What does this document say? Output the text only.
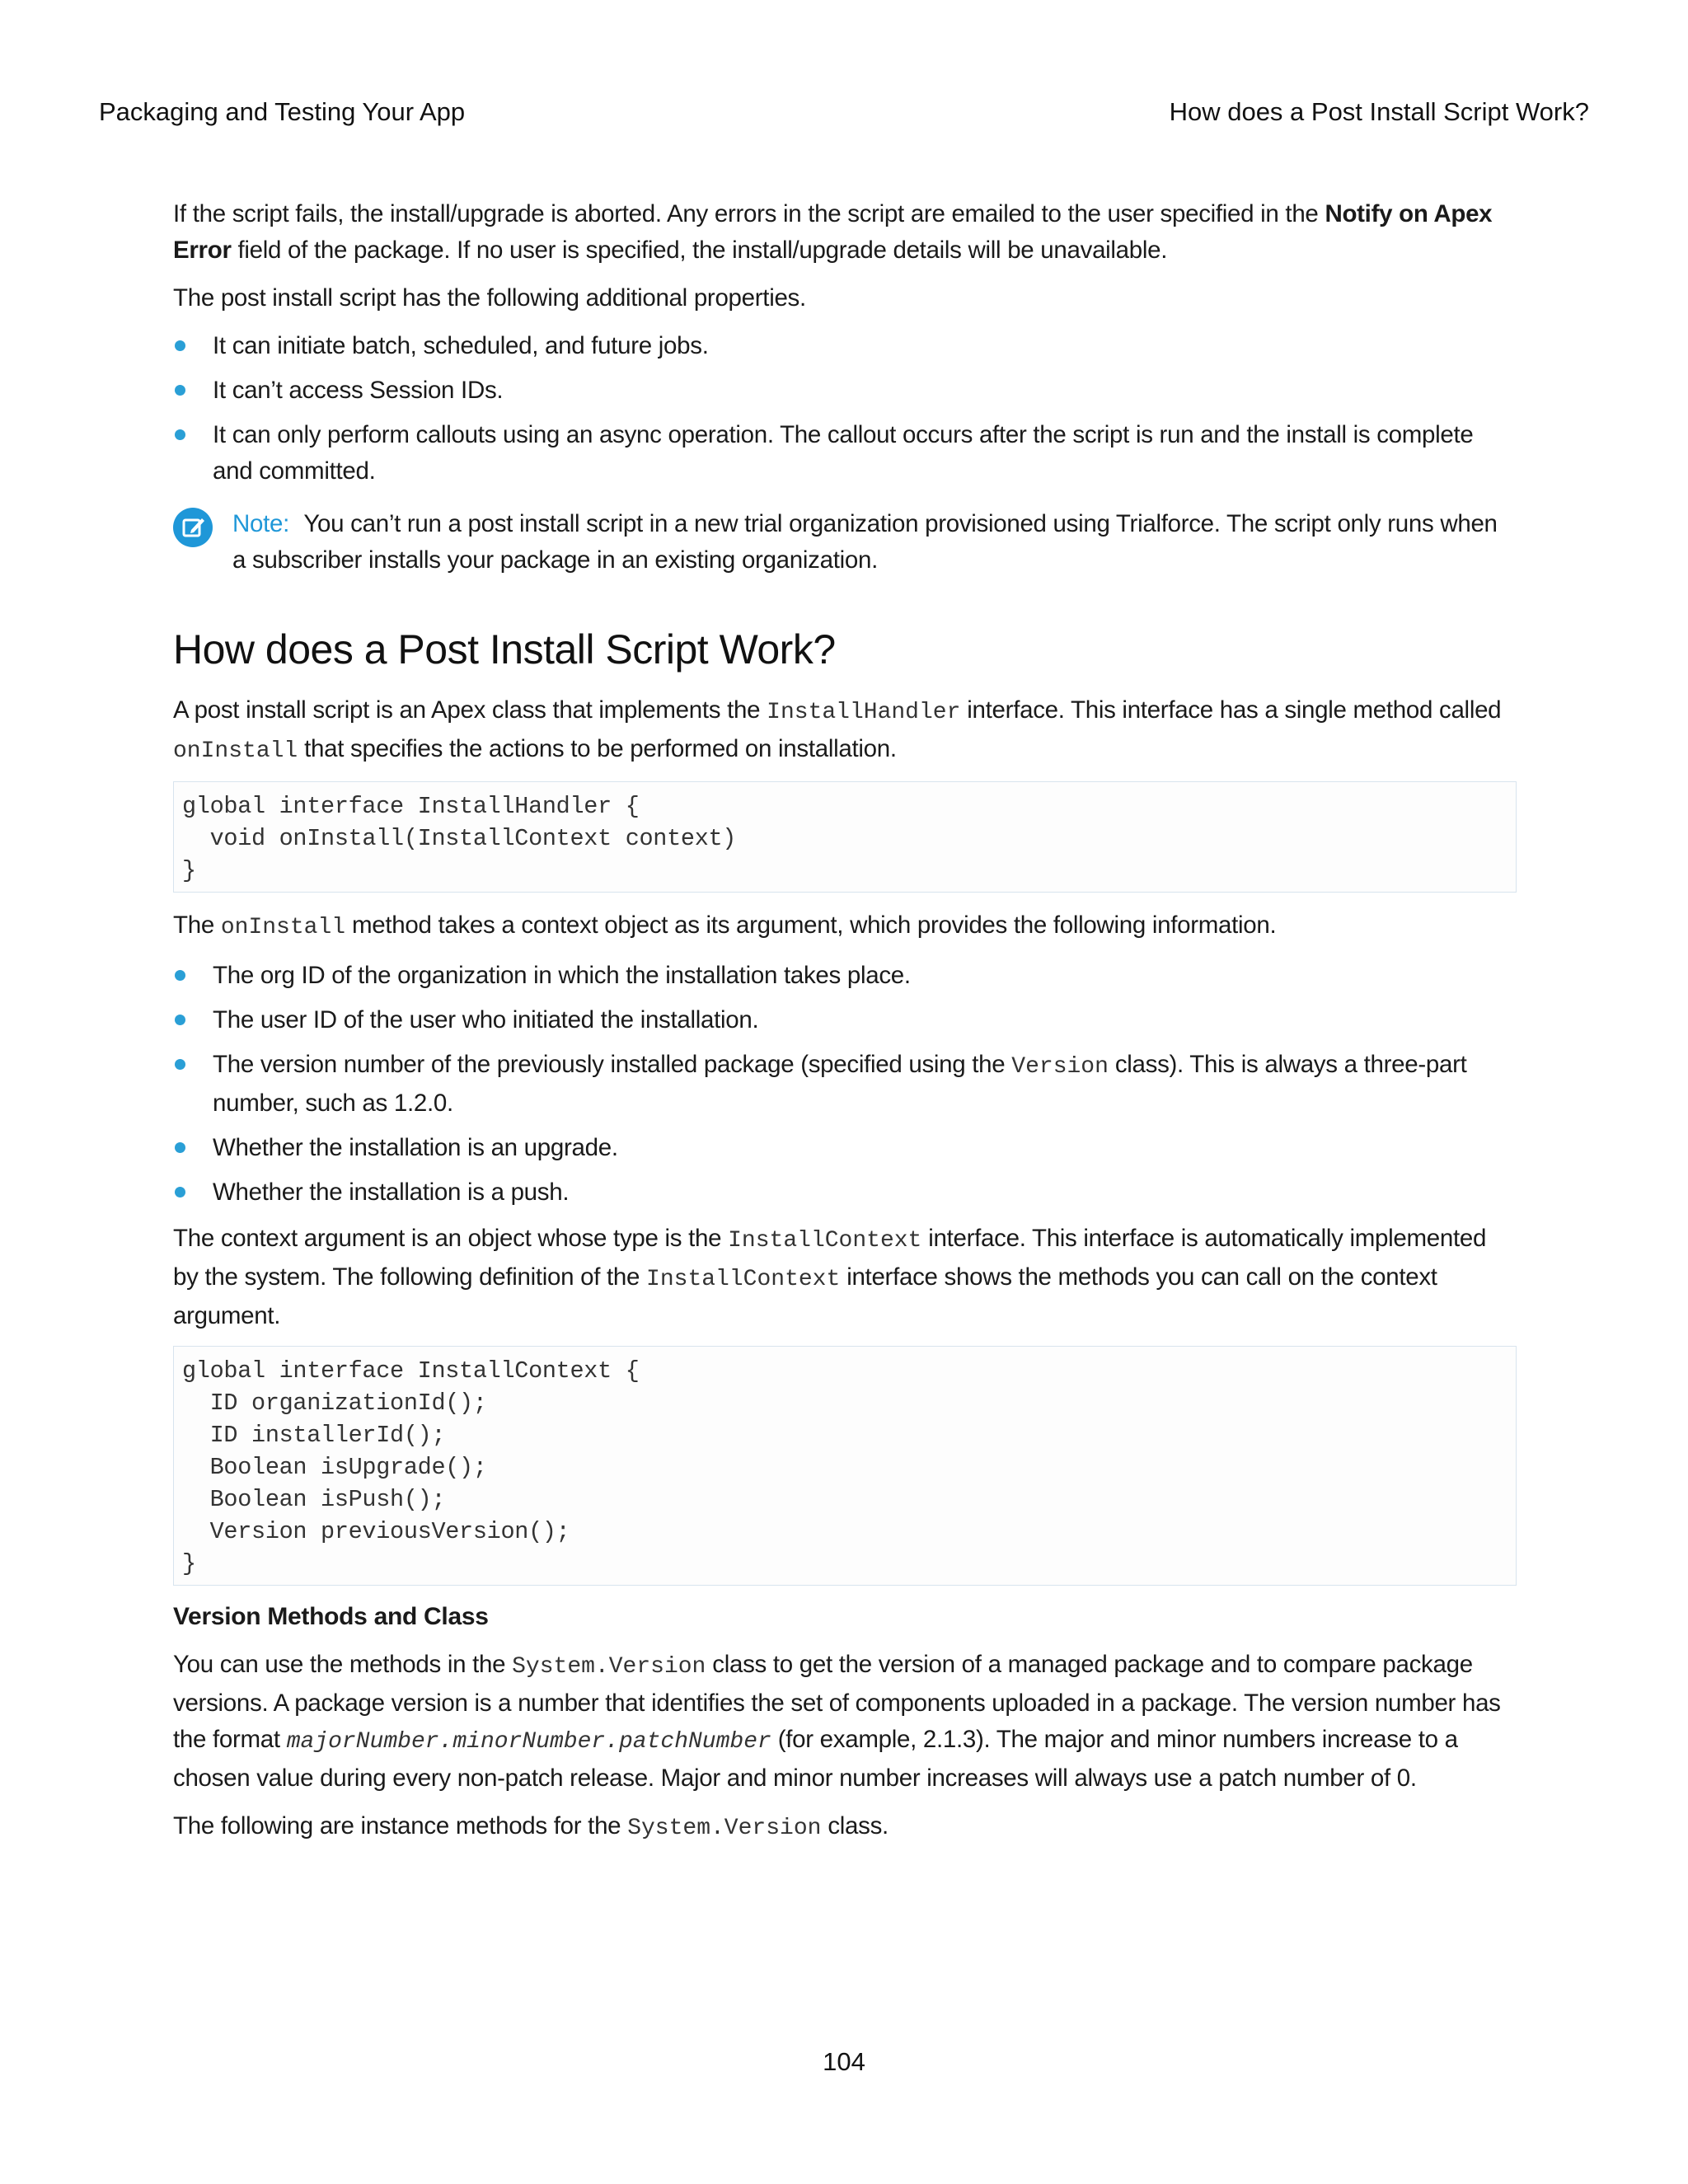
Packaging and Testing Your App	How does a Post Install Script Work?

If the script fails, the install/upgrade is aborted. Any errors in the script are emailed to the user specified in the Notify on Apex Error field of the package. If no user is specified, the install/upgrade details will be unavailable.

The post install script has the following additional properties.

It can initiate batch, scheduled, and future jobs.
It can’t access Session IDs.
It can only perform callouts using an async operation. The callout occurs after the script is run and the install is complete and committed.
Note: You can’t run a post install script in a new trial organization provisioned using Trialforce. The script only runs when a subscriber installs your package in an existing organization.
How does a Post Install Script Work?

A post install script is an Apex class that implements the InstallHandler interface. This interface has a single method called onInstall that specifies the actions to be performed on installation.

global interface InstallHandler {
void onInstall(InstallContext context)
}

The onInstall method takes a context object as its argument, which provides the following information.

The org ID of the organization in which the installation takes place.
The user ID of the user who initiated the installation.
The version number of the previously installed package (specified using the Version class). This is always a three-part number, such as 1.2.0.
Whether the installation is an upgrade.
Whether the installation is a push.

The context argument is an object whose type is the InstallContext interface. This interface is automatically implemented by the system. The following definition of the InstallContext interface shows the methods you can call on the context argument.

global interface InstallContext {
ID organizationId();
ID installerId();
Boolean isUpgrade();
Boolean isPush();
Version previousVersion();
}
Version Methods and Class

You can use the methods in the System.Version class to get the version of a managed package and to compare package versions. A package version is a number that identifies the set of components uploaded in a package. The version number has the format majorNumber.minorNumber.patchNumber (for example, 2.1.3). The major and minor numbers increase to a chosen value during every non-patch release. Major and minor number increases will always use a patch number of 0.

The following are instance methods for the System.Version class.

104
